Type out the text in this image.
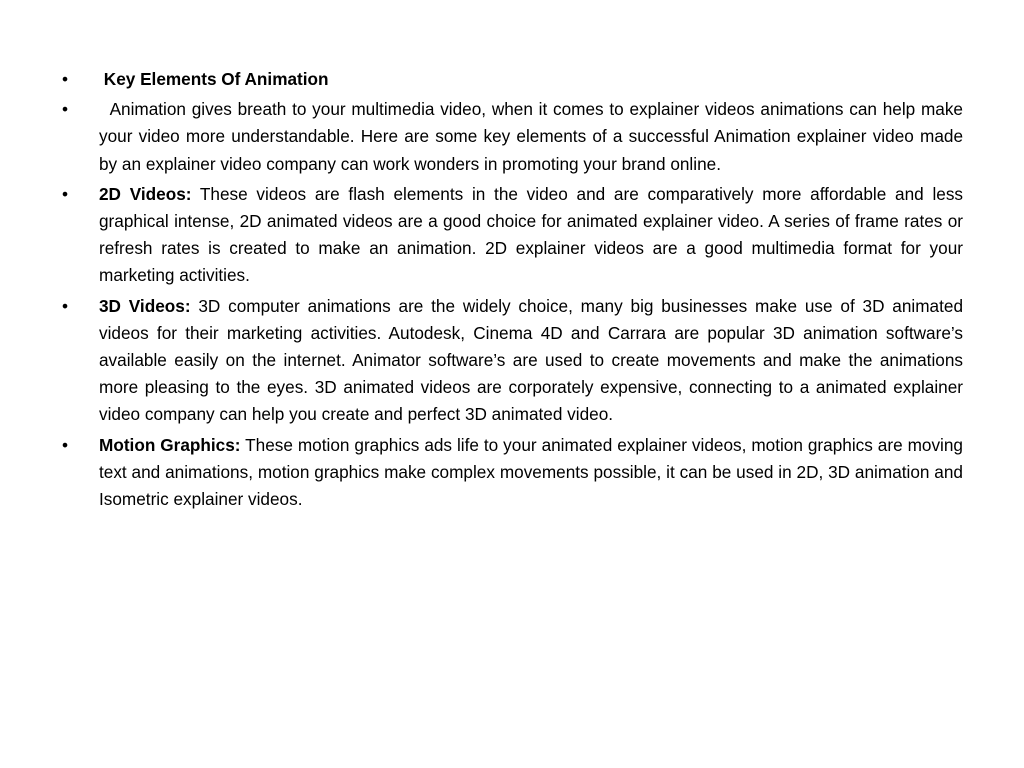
• Key Elements Of Animation
• Animation gives breath to your multimedia video, when it comes to explainer videos animations can help make your video more understandable. Here are some key elements of a successful Animation explainer video made by an explainer video company can work wonders in promoting your brand online.
• 2D Videos: These videos are flash elements in the video and are comparatively more affordable and less graphical intense, 2D animated videos are a good choice for animated explainer video. A series of frame rates or refresh rates is created to make an animation. 2D explainer videos are a good multimedia format for your marketing activities.
• 3D Videos: 3D computer animations are the widely choice, many big businesses make use of 3D animated videos for their marketing activities. Autodesk, Cinema 4D and Carrara are popular 3D animation software’s available easily on the internet. Animator software’s are used to create movements and make the animations more pleasing to the eyes. 3D animated videos are corporately expensive, connecting to a animated explainer video company can help you create and perfect 3D animated video.
• Motion Graphics: These motion graphics ads life to your animated explainer videos, motion graphics are moving text and animations, motion graphics make complex movements possible, it can be used in 2D, 3D animation and Isometric explainer videos.
